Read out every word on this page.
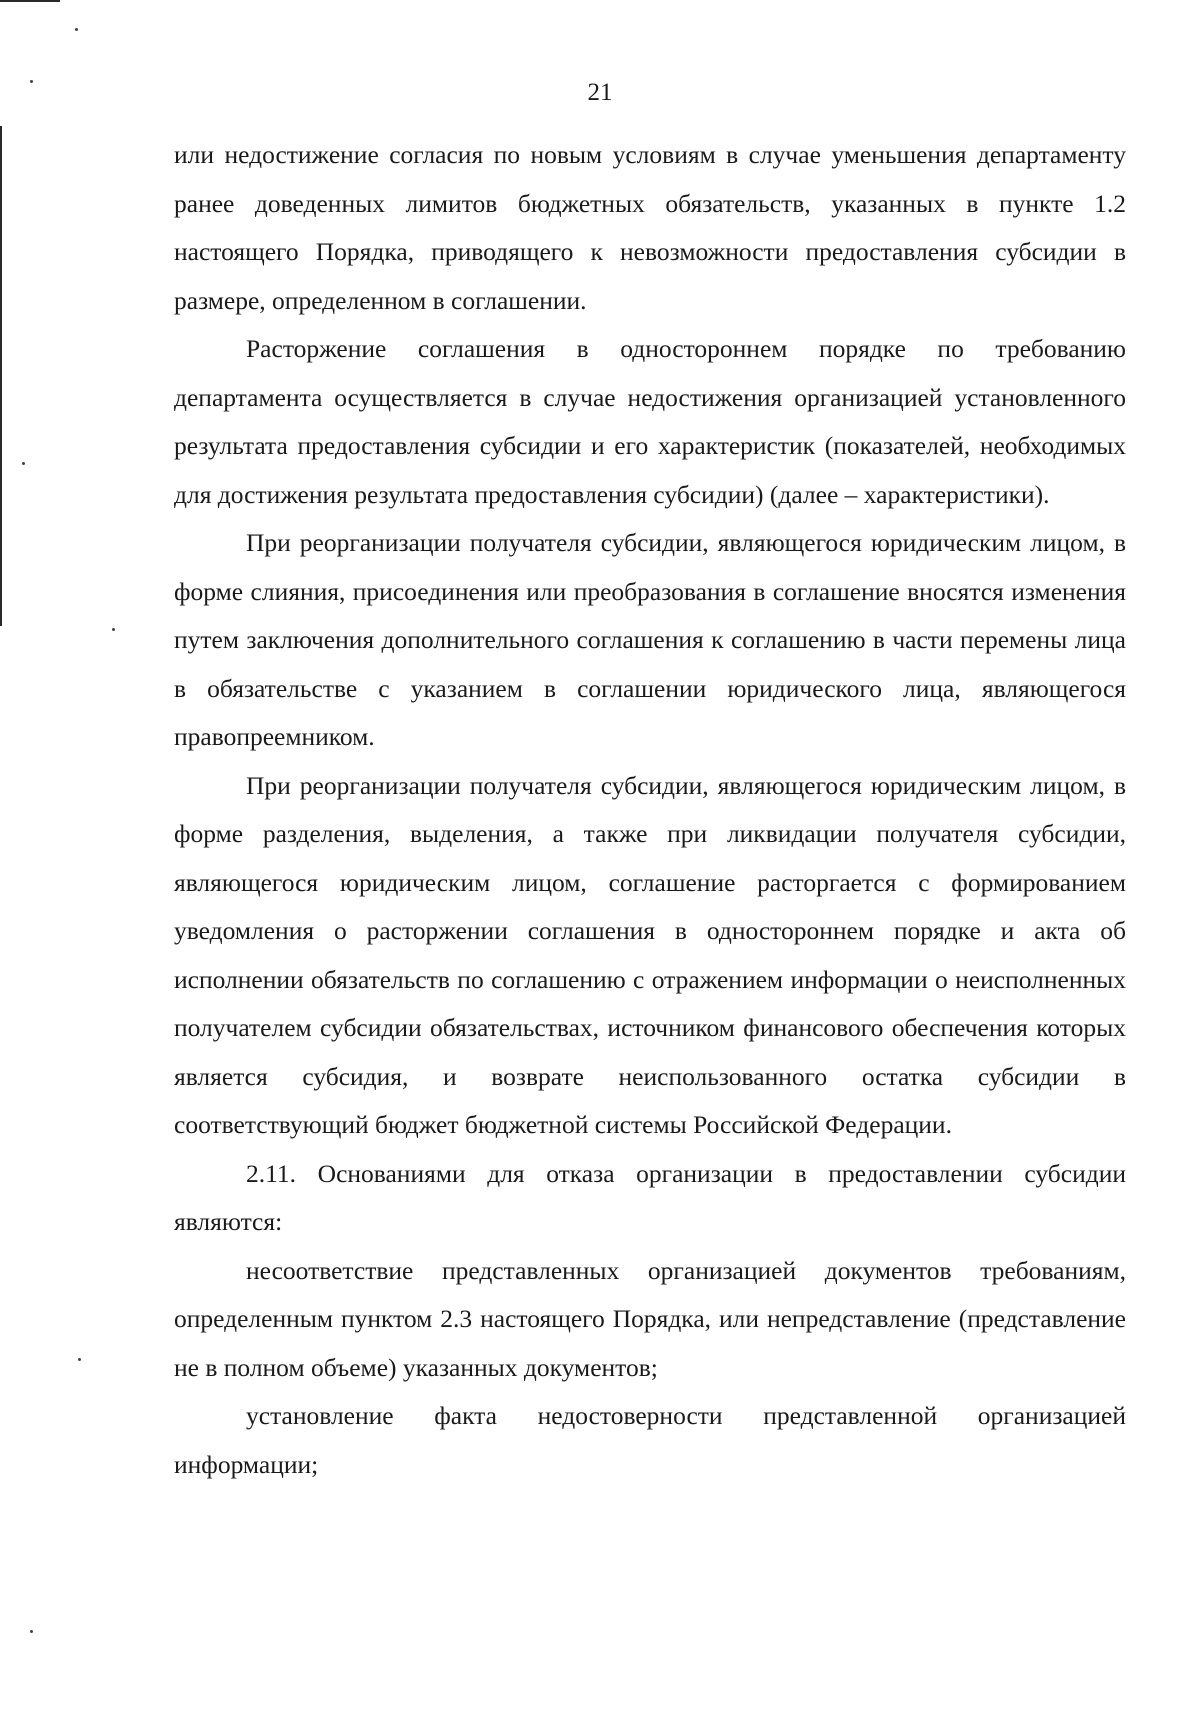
21

или недостижение согласия по новым условиям в случае уменьшения департаменту ранее доведенных лимитов бюджетных обязательств, указанных в пункте 1.2 настоящего Порядка, приводящего к невозможности предоставления субсидии в размере, определенном в соглашении.

Расторжение соглашения в одностороннем порядке по требованию департамента осуществляется в случае недостижения организацией установленного результата предоставления субсидии и его характеристик (показателей, необходимых для достижения результата предоставления субсидии) (далее – характеристики).

При реорганизации получателя субсидии, являющегося юридическим лицом, в форме слияния, присоединения или преобразования в соглашение вносятся изменения путем заключения дополнительного соглашения к соглашению в части перемены лица в обязательстве с указанием в соглашении юридического лица, являющегося правопреемником.

При реорганизации получателя субсидии, являющегося юридическим лицом, в форме разделения, выделения, а также при ликвидации получателя субсидии, являющегося юридическим лицом, соглашение расторгается с формированием уведомления о расторжении соглашения в одностороннем порядке и акта об исполнении обязательств по соглашению с отражением информации о неисполненных получателем субсидии обязательствах, источником финансового обеспечения которых является субсидия, и возврате неиспользованного остатка субсидии в соответствующий бюджет бюджетной системы Российской Федерации.

2.11. Основаниями для отказа организации в предоставлении субсидии являются:

несоответствие представленных организацией документов требованиям, определенным пунктом 2.3 настоящего Порядка, или непредставление (представление не в полном объеме) указанных документов;

установление факта недостоверности представленной организацией информации;
